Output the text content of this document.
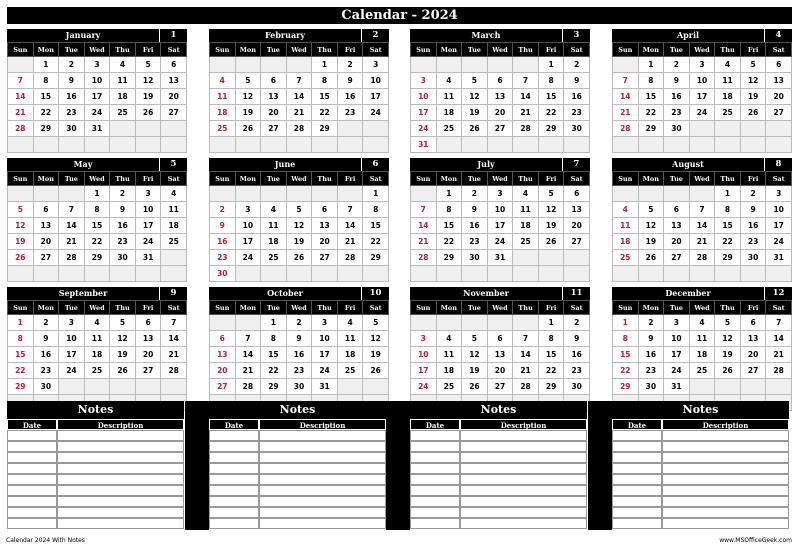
Calendar - 2024
January	1
Sun	Mon	Tue	Wed	Thu	Fri	Sat
	1	2	3	4	5	6
7	8	9	10	11	12	13
14	15	16	17	18	19	20
21	22	23	24	25	26	27
28	29	30	31			

February	2
Sun	Mon	Tue	Wed	Thu	Fri	Sat
				1	2	3
4	5	6	7	8	9	10
11	12	13	14	15	16	17
18	19	20	21	22	23	24
25	26	27	28	29		

March	3
Sun	Mon	Tue	Wed	Thu	Fri	Sat
					1	2
3	4	5	6	7	8	9
10	11	12	13	14	15	16
17	18	19	20	21	22	23
24	25	26	27	28	29	30
31						
April	4
Sun	Mon	Tue	Wed	Thu	Fri	Sat
	1	2	3	4	5	6
7	8	9	10	11	12	13
14	15	16	17	18	19	20
21	22	23	24	25	26	27
28	29	30				

May	5
Sun	Mon	Tue	Wed	Thu	Fri	Sat
			1	2	3	4
5	6	7	8	9	10	11
12	13	14	15	16	17	18
19	20	21	22	23	24	25
26	27	28	29	30	31	

June	6
Sun	Mon	Tue	Wed	Thu	Fri	Sat
						1
2	3	4	5	6	7	8
9	10	11	12	13	14	15
16	17	18	19	20	21	22
23	24	25	26	27	28	29
30						
July	7
Sun	Mon	Tue	Wed	Thu	Fri	Sat
	1	2	3	4	5	6
7	8	9	10	11	12	13
14	15	16	17	18	19	20
21	22	23	24	25	26	27
28	29	30	31			

August	8
Sun	Mon	Tue	Wed	Thu	Fri	Sat
				1	2	3
4	5	6	7	8	9	10
11	12	13	14	15	16	17
18	19	20	21	22	23	24
25	26	27	28	29	30	31

September	9
Sun	Mon	Tue	Wed	Thu	Fri	Sat
1	2	3	4	5	6	7
8	9	10	11	12	13	14
15	16	17	18	19	20	21
22	23	24	25	26	27	28
29	30					

October	10
Sun	Mon	Tue	Wed	Thu	Fri	Sat
		1	2	3	4	5
6	7	8	9	10	11	12
13	14	15	16	17	18	19
20	21	22	23	24	25	26
27	28	29	30	31		

November	11
Sun	Mon	Tue	Wed	Thu	Fri	Sat
					1	2
3	4	5	6	7	8	9
10	11	12	13	14	15	16
17	18	19	20	21	22	23
24	25	26	27	28	29	30

December	12
Sun	Mon	Tue	Wed	Thu	Fri	Sat
1	2	3	4	5	6	7
8	9	10	11	12	13	14
15	16	17	18	19	20	21
22	23	24	25	26	27	28
29	30	31				

Notes
Date	Description
Notes
Date	Description
Notes
Date	Description
Notes
Date	Description
Calendar 2024 With Notes	www.MSOfficeGeek.com
